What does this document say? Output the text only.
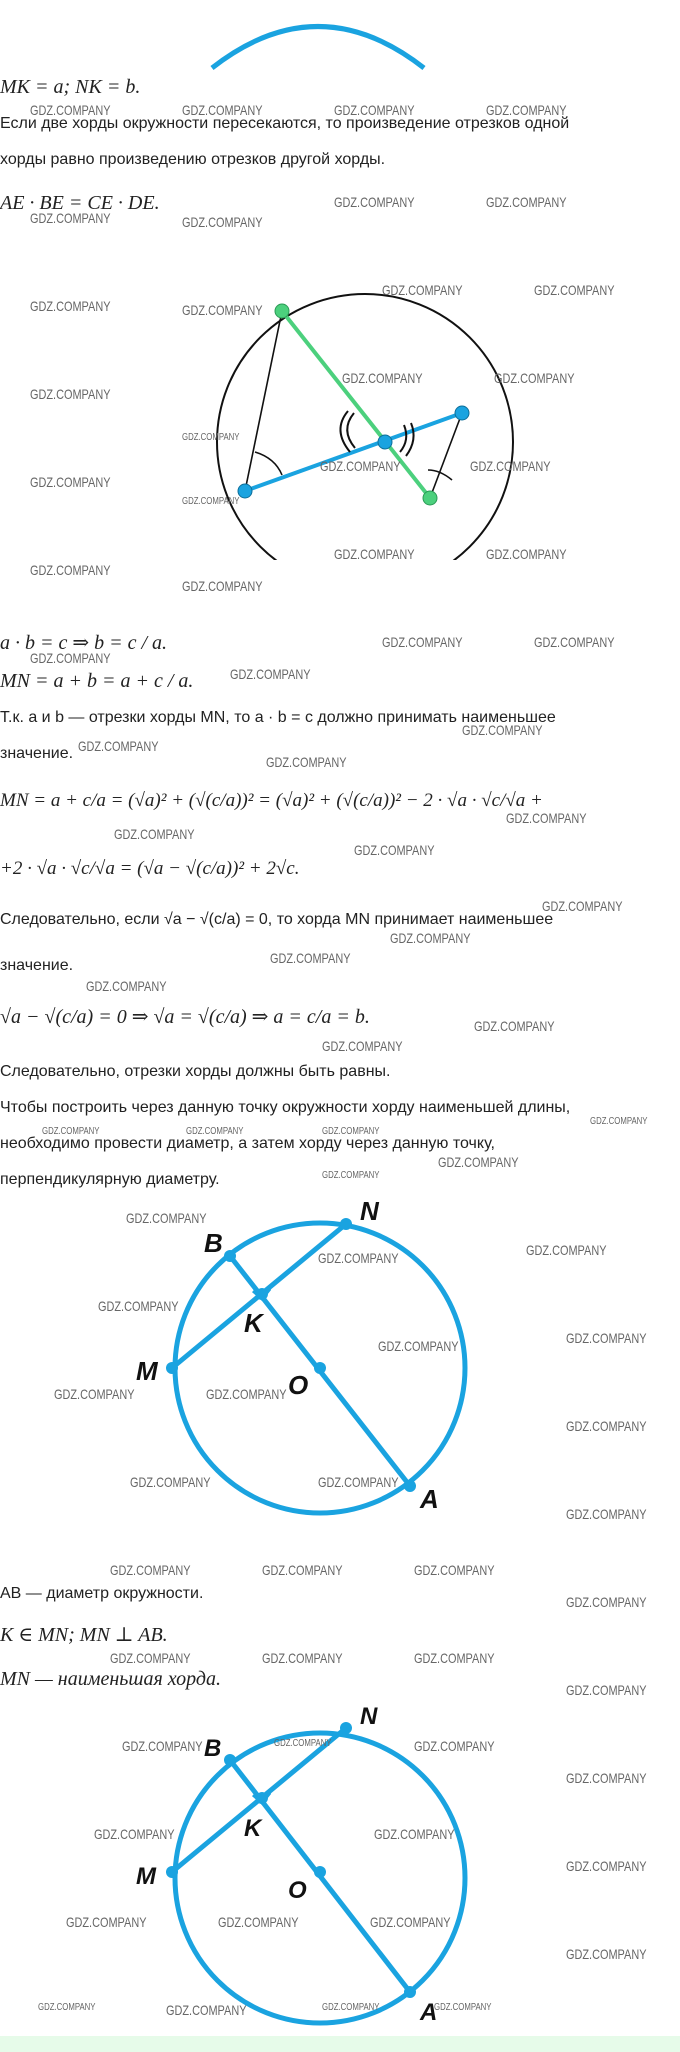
MK = a; NK = b.
Если две хорды окружности пересекаются, то произведение отрезков одной
хорды равно произведению отрезков другой хорды.
AE · BE = CE · DE.
a · b = c ⇒ b = c / a.
MN = a + b = a + c / a.
Т.к. a и b — отрезки хорды MN, то a · b = c должно принимать наименьшее
значение.
MN = a + c/a = (√a)² + (√(c/a))² = (√a)² + (√(c/a))² − 2 · √a · √c/√a +
+2 · √a · √c/√a = (√a − √(c/a))² + 2√c.
Следовательно, если √a − √(c/a) = 0, то хорда MN принимает наименьшее
значение.
√a − √(c/a) = 0 ⇒ √a = √(c/a) ⇒ a = c/a = b.
Следовательно, отрезки хорды должны быть равны.
Чтобы построить через данную точку окружности хорду наименьшей длины,
необходимо провести диаметр, а затем хорду через данную точку,
перпендикулярную диаметру.
B
N
K
M	O
A
AB — диаметр окружности.
K ∈ MN; MN ⊥ AB.
MN — наименьшая хорда.
B
N
K
M
O
A
GDZ.COMPANY	GDZ.COMPANY	GDZ.COMPANY	GDZ.COMPANY
GDZ.COMPANY	GDZ.COMPANY
GDZ.COMPANY	GDZ.COMPANY
GDZ.COMPANY	GDZ.COMPANY
GDZ.COMPANY	GDZ.COMPANY
GDZ.COMPANY
GDZ.COMPANY	GDZ.COMPANY
GDZ.COMPANY
GDZ.COMPANY	GDZ.COMPANY
GDZ.COMPANY
GDZ.COMPANY
GDZ.COMPANY	GDZ.COMPANY
GDZ.COMPANY
GDZ.COMPANY
GDZ.COMPANY	GDZ.COMPANY
GDZ.COMPANY
GDZ.COMPANY
GDZ.COMPANY
GDZ.COMPANY
GDZ.COMPANY
GDZ.COMPANY
GDZ.COMPANY
GDZ.COMPANY
GDZ.COMPANY
GDZ.COMPANY
GDZ.COMPANY
GDZ.COMPANY
GDZ.COMPANY
GDZ.COMPANY
GDZ.COMPANY	GDZ.COMPANY	GDZ.COMPANY
GDZ.COMPANY
GDZ.COMPANY
GDZ.COMPANY
GDZ.COMPANY
GDZ.COMPANY	GDZ.COMPANY
GDZ.COMPANY
GDZ.COMPANY	GDZ.COMPANY
GDZ.COMPANY	GDZ.COMPANY
GDZ.COMPANY
GDZ.COMPANY	GDZ.COMPANY
GDZ.COMPANY
GDZ.COMPANY	GDZ.COMPANY	GDZ.COMPANY
GDZ.COMPANY
GDZ.COMPANY	GDZ.COMPANY	GDZ.COMPANY
GDZ.COMPANY
GDZ.COMPANY	GDZ.COMPANY	GDZ.COMPANY
GDZ.COMPANY
GDZ.COMPANY	GDZ.COMPANY
GDZ.COMPANY
GDZ.COMPANY	GDZ.COMPANY	GDZ.COMPANY
GDZ.COMPANY
GDZ.COMPANY	GDZ.COMPANY	GDZ.COMPANY	GDZ.COMPANY
